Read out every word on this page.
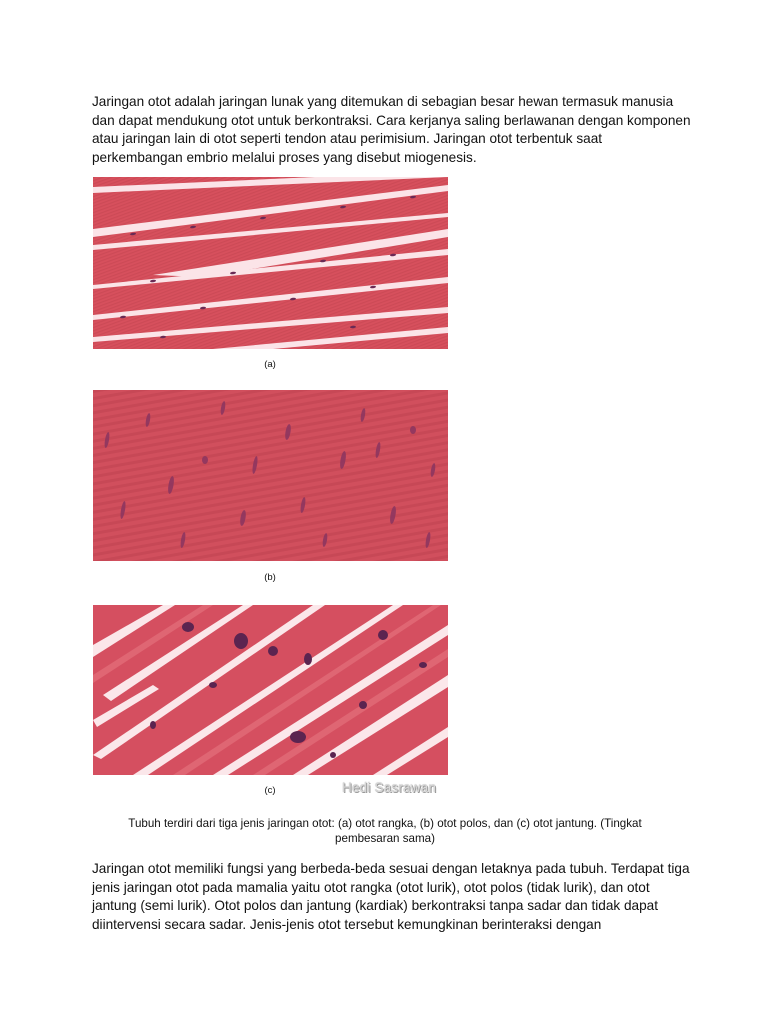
Jaringan otot adalah jaringan lunak yang ditemukan di sebagian besar hewan termasuk manusia dan dapat mendukung otot untuk berkontraksi. Cara kerjanya saling berlawanan dengan komponen atau jaringan lain di otot seperti tendon atau perimisium. Jaringan otot terbentuk saat perkembangan embrio melalui proses yang disebut miogenesis.

(a)
(b)
(c)	Hedi Sasrawan

Tubuh terdiri dari tiga jenis jaringan otot: (a) otot rangka, (b) otot polos, dan (c) otot jantung. (Tingkat pembesaran sama)

Jaringan otot memiliki fungsi yang berbeda-beda sesuai dengan letaknya pada tubuh. Terdapat tiga jenis jaringan otot pada mamalia yaitu otot rangka (otot lurik), otot polos (tidak lurik), dan otot jantung (semi lurik). Otot polos dan jantung (kardiak) berkontraksi tanpa sadar dan tidak dapat diintervensi secara sadar. Jenis-jenis otot tersebut kemungkinan berinteraksi dengan
